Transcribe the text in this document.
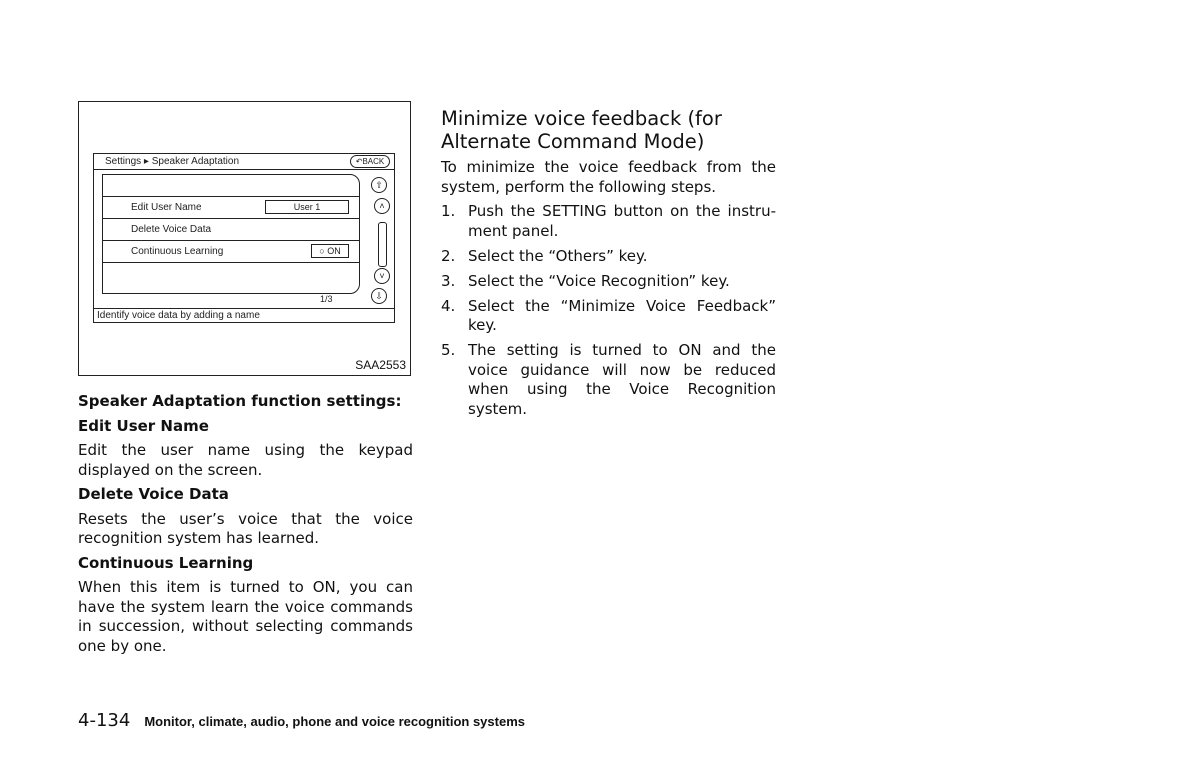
Settings ▸ Speaker Adaptation	↶BACK
Edit User Name	User 1
Delete Voice Data
Continuous Learning	○ ON
1/3
Identify voice data by adding a name
⇧
˄
˅
⇩
SAA2553

Speaker Adaptation function settings:

Edit User Name

Edit the user name using the keypad displayed on the screen.

Delete Voice Data

Resets the user’s voice that the voice recognition system has learned.

Continuous Learning

When this item is turned to ON, you can have the system learn the voice commands in succession, without selecting commands one by one.

Minimize voice feedback (for Alternate Command Mode)

To minimize the voice feedback from the system, perform the following steps.

1. Push the SETTING button on the instrument panel.
2. Select the “Others” key.
3. Select the “Voice Recognition” key.
4. Select the “Minimize Voice Feedback” key.
5. The setting is turned to ON and the voice guidance will now be reduced when using the Voice Recognition system.
4-134 Monitor, climate, audio, phone and voice recognition systems
